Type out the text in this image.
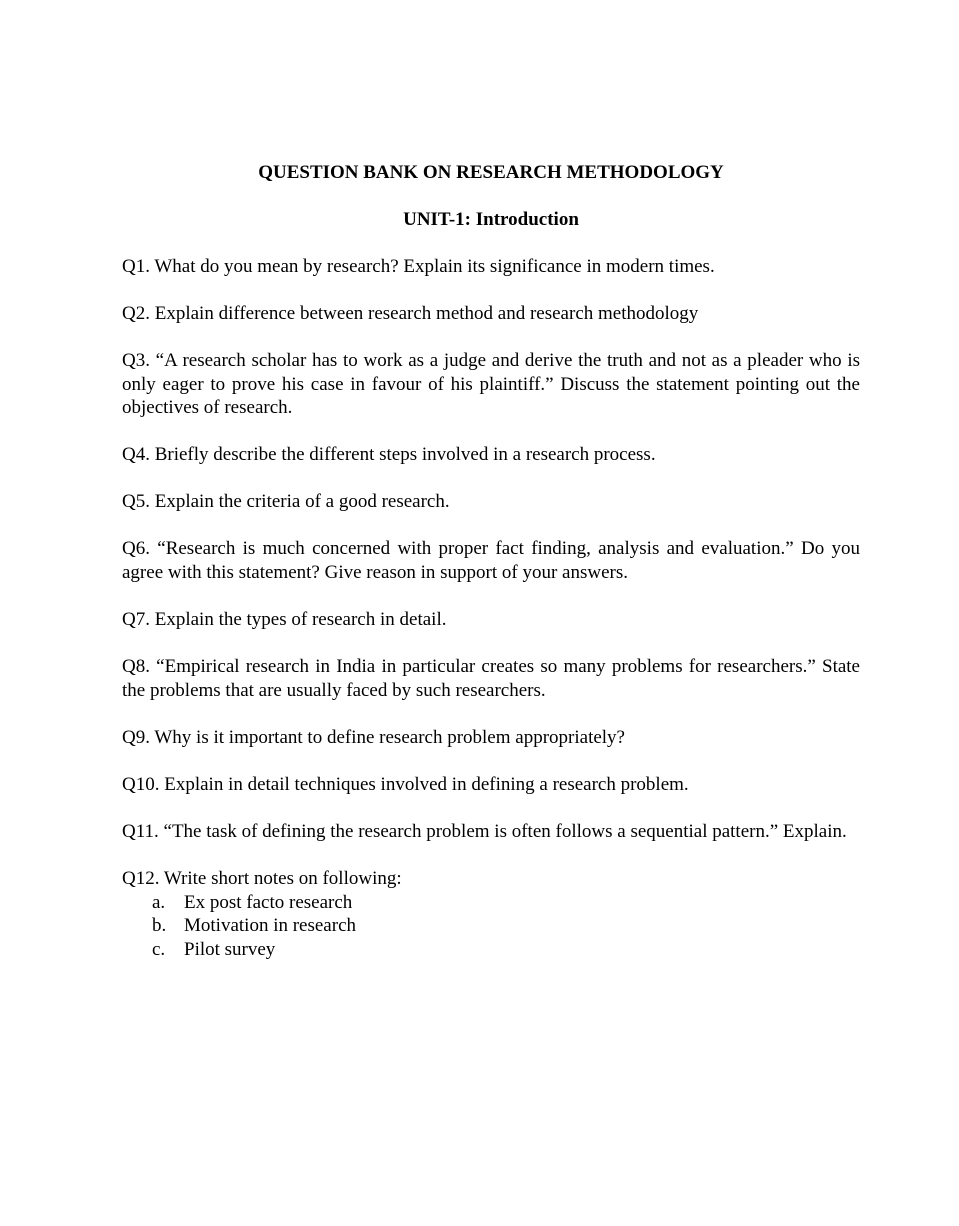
QUESTION BANK ON RESEARCH METHODOLOGY
UNIT-1: Introduction

Q1. What do you mean by research? Explain its significance in modern times.

Q2. Explain difference between research method and research methodology

Q3. “A research scholar has to work as a judge and derive the truth and not as a pleader who is only eager to prove his case in favour of his plaintiff.” Discuss the statement pointing out the objectives of research.

Q4. Briefly describe the different steps involved in a research process.

Q5. Explain the criteria of a good research.

Q6. “Research is much concerned with proper fact finding, analysis and evaluation.” Do you agree with this statement? Give reason in support of your answers.

Q7. Explain the types of research in detail.

Q8. “Empirical research in India in particular creates so many problems for researchers.” State the problems that are usually faced by such researchers.

Q9. Why is it important to define research problem appropriately?

Q10. Explain in detail techniques involved in defining a research problem.

Q11. “The task of defining the research problem is often follows a sequential pattern.” Explain.

Q12. Write short notes on following:

a. Ex post facto research
b. Motivation in research
c. Pilot survey
